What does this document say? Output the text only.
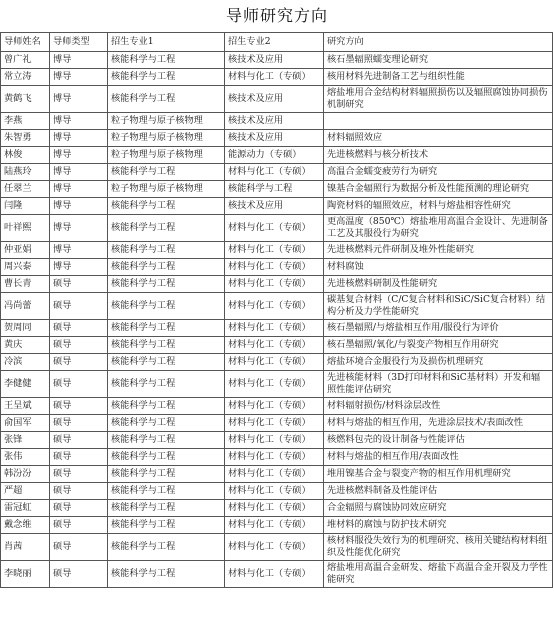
导师研究方向
导师姓名	导师类型	招生专业1	招生专业2	研究方向
曾广礼	博导	核能科学与工程	核技术及应用	核石墨辐照蠕变理论研究
常立涛	博导	核能科学与工程	材料与化工（专硕）	核用材料先进制备工艺与组织性能
黄鹤飞	博导	核能科学与工程	核技术及应用	熔盐堆用合金结构材料辐照损伤以及辐照腐蚀协同损伤机制研究
李燕	博导	粒子物理与原子核物理	核技术及应用	
朱智勇	博导	粒子物理与原子核物理	核技术及应用	材料辐照效应
林俊	博导	粒子物理与原子核物理	能源动力（专硕）	先进核燃料与核分析技术
陆燕玲	博导	核能科学与工程	材料与化工（专硕）	高温合金蠕变疲劳行为研究
任翠兰	博导	粒子物理与原子核物理	核能科学与工程	镍基合金辐照行为数据分析及性能预测的理论研究
闫隆	博导	核能科学与工程	核技术及应用	陶瓷材料的辐照效应，材料与熔盐相容性研究
叶祥熙	博导	核能科学与工程	材料与化工（专硕）	更高温度（850℃）熔盐堆用高温合金设计、先进制备工艺及其服役行为研究
仲亚娟	博导	核能科学与工程	材料与化工（专硕）	先进核燃料元件研制及堆外性能研究
周兴泰	博导	核能科学与工程	材料与化工（专硕）	材料腐蚀
曹长青	硕导	核能科学与工程	材料与化工（专硕）	先进核燃料研制及性能研究
冯尚蕾	硕导	核能科学与工程	材料与化工（专硕）	碳基复合材料（C/C复合材料和SiC/SiC复合材料）结构分析及力学性能研究
贺周同	硕导	核能科学与工程	材料与化工（专硕）	核石墨辐照/与熔盐相互作用/服役行为评价
黄庆	硕导	核能科学与工程	材料与化工（专硕）	核石墨辐照/氧化/与裂变产物相互作用研究
冷滨	硕导	核能科学与工程	材料与化工（专硕）	熔盐环境合金服役行为及损伤机理研究
李健健	硕导	核能科学与工程	材料与化工（专硕）	先进核能材料（3D打印材料和SiC基材料）开发和辐照性能评估研究
王呈斌	硕导	核能科学与工程	材料与化工（专硕）	材料辐射损伤/材料涂层改性
俞国军	硕导	核能科学与工程	材料与化工（专硕）	材料与熔盐的相互作用，先进涂层技术/表面改性
张锋	硕导	核能科学与工程	材料与化工（专硕）	核燃料包壳的设计制备与性能评估
张伟	硕导	核能科学与工程	材料与化工（专硕）	材料与熔盐的相互作用/表面改性
韩汾汾	硕导	核能科学与工程	材料与化工（专硕）	堆用镍基合金与裂变产物的相互作用机理研究
严超	硕导	核能科学与工程	材料与化工（专硕）	先进核燃料制备及性能评估
雷冠虹	硕导	核能科学与工程	材料与化工（专硕）	合金辐照与腐蚀协同效应研究
戴念维	硕导	核能科学与工程	材料与化工（专硕）	堆材料的腐蚀与防护技术研究
肖茜	硕导	核能科学与工程	材料与化工（专硕）	核材料服役失效行为的机理研究、核用关键结构材料组织及性能优化研究
李晓丽	硕导	核能科学与工程	材料与化工（专硕）	熔盐堆用高温合金研发、熔盐下高温合金开裂及力学性能研究
